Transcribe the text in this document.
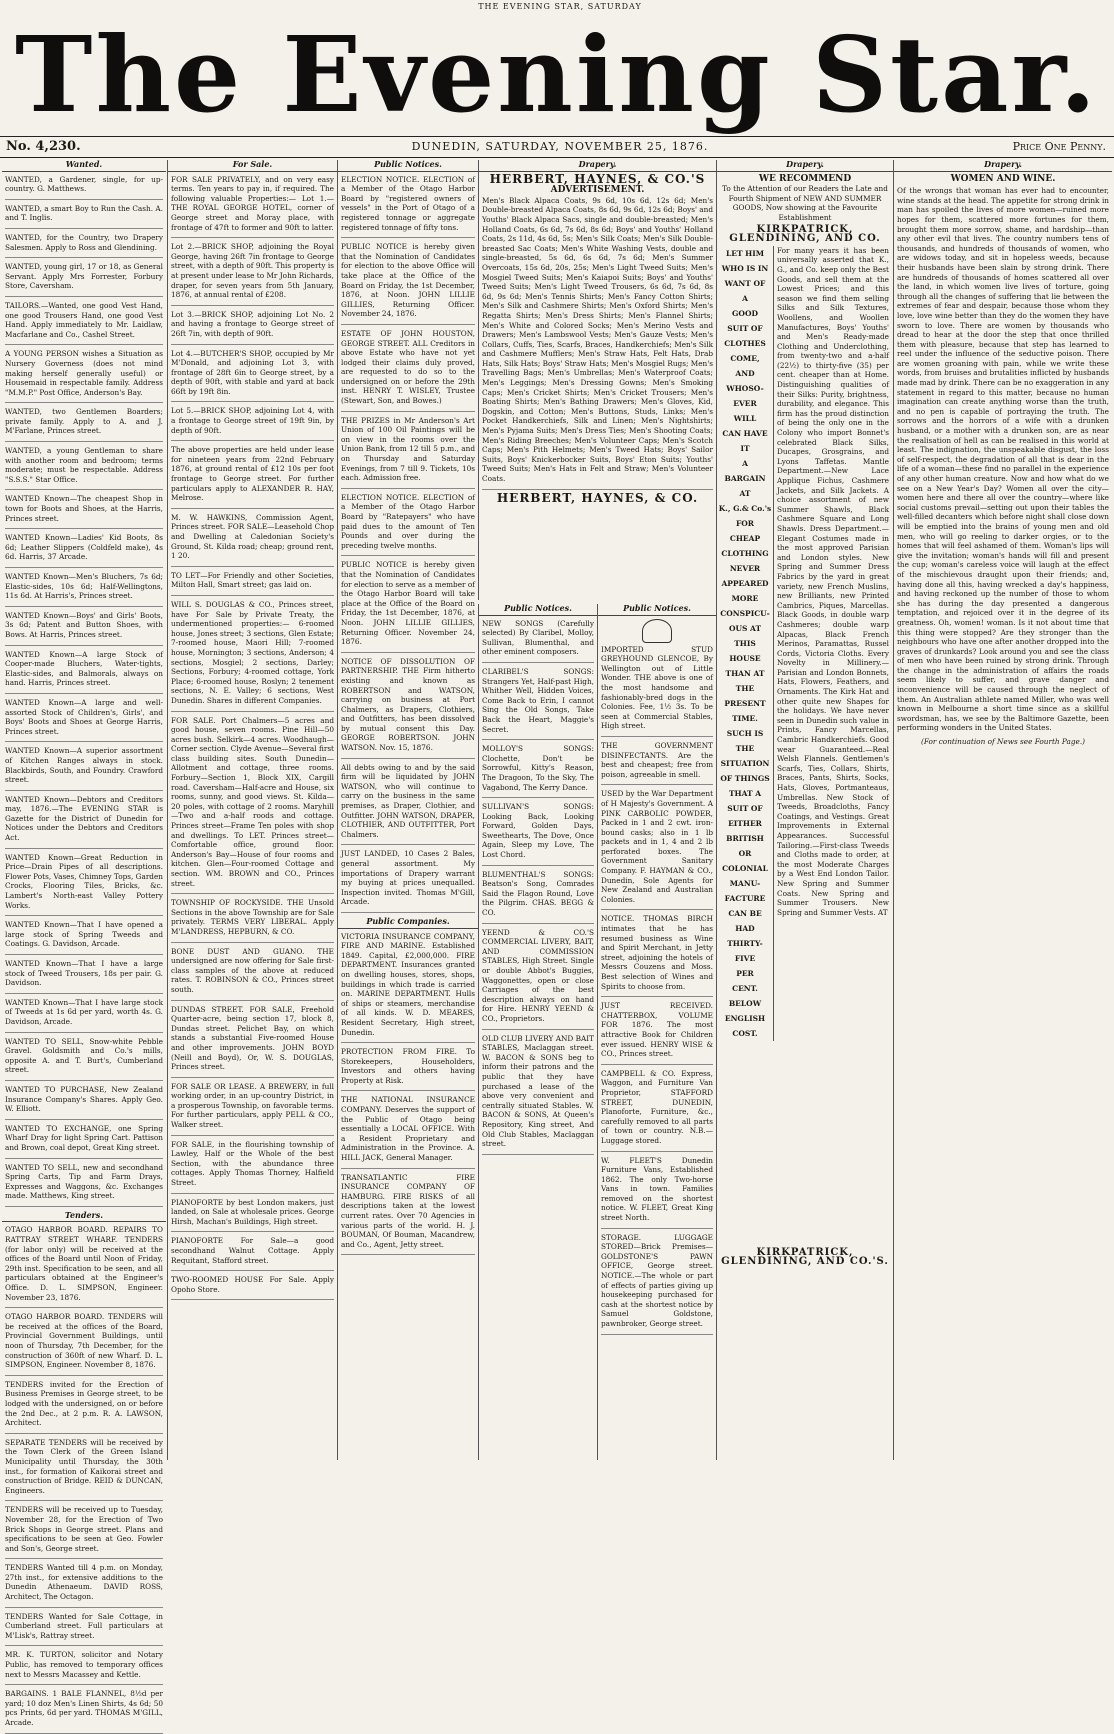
THE EVENING STAR, SATURDAY
The Evening Star.
No. 4,230.	DUNEDIN, SATURDAY, NOVEMBER 25, 1876.	Price One Penny.
Wanted.

WANTED, a Gardener, single, for up-country. G. Matthews.

WANTED, a smart Boy to Run the Cash. A. and T. Inglis.

WANTED, for the Country, two Drapery Salesmen. Apply to Ross and Glendining.

WANTED, young girl, 17 or 18, as General Servant. Apply Mrs Forrester, Forbury Store, Caversham.

TAILORS.—Wanted, one good Vest Hand, one good Trousers Hand, one good Vest Hand. Apply immediately to Mr. Laidlaw, Macfarlane and Co., Cashel Street.

A YOUNG PERSON wishes a Situation as Nursery Governess (does not mind making herself generally useful) or Housemaid in respectable family. Address "M.M.P." Post Office, Anderson's Bay.

WANTED, two Gentlemen Boarders; private family. Apply to A. and J. M'Farlane, Princes street.

WANTED, a young Gentleman to share with another room and bedroom; terms moderate; must be respectable. Address "S.S.S." Star Office.

WANTED Known—The cheapest Shop in town for Boots and Shoes, at the Harris, Princes street.

WANTED Known—Ladies' Kid Boots, 8s 6d; Leather Slippers (Coldfeld make), 4s 6d. Harris, 37 Arcade.

WANTED Known—Men's Bluchers, 7s 6d; Elastic-sides, 10s 6d; Half-Wellingtons, 11s 6d. At Harris's, Princes street.

WANTED Known—Boys' and Girls' Boots, 3s 6d; Patent and Button Shoes, with Bows. At Harris, Princes street.

WANTED Known—A large Stock of Cooper-made Bluchers, Water-tights, Elastic-sides, and Balmorals, always on hand. Harris, Princes street.

WANTED Known—A large and well-assorted Stock of Children's, Girls', and Boys' Boots and Shoes at George Harris, Princes street.

WANTED Known—A superior assortment of Kitchen Ranges always in stock. Blackbirds, South, and Foundry. Crawford street.

WANTED Known—Debtors and Creditors may, 1876.—The EVENING STAR is Gazette for the District of Dunedin for Notices under the Debtors and Creditors Act.

WANTED Known—Great Reduction in Price—Drain Pipes of all descriptions. Flower Pots, Vases, Chimney Tops, Garden Crocks, Flooring Tiles, Bricks, &c. Lambert's North-east Valley Pottery Works.

WANTED Known—That I have opened a large stock of Spring Tweeds and Coatings. G. Davidson, Arcade.

WANTED Known—That I have a large stock of Tweed Trousers, 18s per pair. G. Davidson.

WANTED Known—That I have large stock of Tweeds at 1s 6d per yard, worth 4s. G. Davidson, Arcade.

WANTED TO SELL, Snow-white Pebble Gravel. Goldsmith and Co.'s mills, opposite A. and T. Burt's, Cumberland street.

WANTED TO PURCHASE, New Zealand Insurance Company's Shares. Apply Geo. W. Elliott.

WANTED TO EXCHANGE, one Spring Wharf Dray for light Spring Cart. Pattison and Brown, coal depot, Great King street.

WANTED TO SELL, new and secondhand Spring Carts, Tip and Farm Drays, Expresses and Waggons, &c. Exchanges made. Matthews, King street.

Tenders.

OTAGO HARBOR BOARD. REPAIRS TO RATTRAY STREET WHARF. TENDERS (for labor only) will be received at the offices of the Board until Noon of Friday, 29th inst. Specification to be seen, and all particulars obtained at the Engineer's Office. D. L. SIMPSON, Engineer. November 23, 1876.

OTAGO HARBOR BOARD. TENDERS will be received at the offices of the Board, Provincial Government Buildings, until noon of Thursday, 7th December, for the construction of 360ft of new Wharf. D. L. SIMPSON, Engineer. November 8, 1876.

TENDERS invited for the Erection of Business Premises in George street, to be lodged with the undersigned, on or before the 2nd Dec., at 2 p.m. R. A. LAWSON, Architect.

SEPARATE TENDERS will be received by the Town Clerk of the Green Island Municipality until Thursday, the 30th inst., for formation of Kaikorai street and construction of Bridge. REID & DUNCAN, Engineers.

TENDERS will be received up to Tuesday, November 28, for the Erection of Two Brick Shops in George street. Plans and specifications to be seen at Geo. Fowler and Son's, George street.

TENDERS Wanted till 4 p.m. on Monday, 27th inst., for extensive additions to the Dunedin Athenaeum. DAVID ROSS, Architect, The Octagon.

TENDERS Wanted for Sale Cottage, in Cumberland street. Full particulars at M'Lisk's, Rattray street.

MR. K. TURTON, solicitor and Notary Public, has removed to temporary offices next to Messrs Macassey and Kettle.

BARGAINS. 1 BALE FLANNEL, 8½d per yard; 10 doz Men's Linen Shirts, 4s 6d; 50 pcs Prints, 6d per yard. THOMAS M'GILL, Arcade.

For Sale.

FOR SALE PRIVATELY, and on very easy terms. Ten years to pay in, if required. The following valuable Properties:— Lot 1.—THE ROYAL GEORGE HOTEL, corner of George street and Moray place, with frontage of 47ft to former and 90ft to latter.

Lot 2.—BRICK SHOP, adjoining the Royal George, having 26ft 7in frontage to George street, with a depth of 90ft. This property is at present under lease to Mr John Richards, draper, for seven years from 5th January, 1876, at annual rental of £208.

Lot 3.—BRICK SHOP, adjoining Lot No. 2 and having a frontage to George street of 26ft 7in, with depth of 90ft.

Lot 4.—BUTCHER'S SHOP, occupied by Mr M'Donald, and adjoining Lot 3, with frontage of 28ft 6in to George street, by a depth of 90ft, with stable and yard at back 66ft by 19ft 8in.

Lot 5.—BRICK SHOP, adjoining Lot 4, with a frontage to George street of 19ft 9in, by depth of 90ft.

The above properties are held under lease for nineteen years from 22nd February 1876, at ground rental of £12 10s per foot frontage to George street. For further particulars apply to ALEXANDER R. HAY, Melrose.

M. W. HAWKINS, Commission Agent, Princes street. FOR SALE—Leasehold Chop and Dwelling at Caledonian Society's Ground, St. Kilda road; cheap; ground rent, 1 20.

TO LET—For Friendly and other Societies, Milton Hall, Smart street; gas laid on.

WILL S. DOUGLAS & CO., Princes street, have For Sale by Private Treaty, the undermentioned properties:— 6-roomed house, Jones street; 3 sections, Glen Estate; 7-roomed house, Maori Hill; 7-roomed house, Mornington; 3 sections, Anderson; 4 sections, Mosgiel; 2 sections, Darley; Sections, Forbury; 4-roomed cottage, York Place; 6-roomed house, Roslyn; 2 tenement sections, N. E. Valley; 6 sections, West Dunedin. Shares in different Companies.

FOR SALE. Port Chalmers—5 acres and good house, seven rooms. Pine Hill—50 acres bush. Selkirk—4 acres. Woodhaugh—Corner section. Clyde Avenue—Several first class building sites. South Dunedin—Allotment and cottage, three rooms. Forbury—Section 1, Block XIX, Cargill road. Caversham—Half-acre and House, six rooms, sunny, and good views. St. Kilda—20 poles, with cottage of 2 rooms. Maryhill—Two and a-half roods and cottage. Princes street—Frame Ten poles with shop and dwellings. To LET. Princes street—Comfortable office, ground floor. Anderson's Bay—House of four rooms and kitchen. Glen—Four-roomed Cottage and section. WM. BROWN and CO., Princes street.

TOWNSHIP OF ROCKYSIDE. THE Unsold Sections in the above Township are for Sale privately. TERMS VERY LIBERAL. Apply M'LANDRESS, HEPBURN, & CO.

BONE DUST AND GUANO. THE undersigned are now offering for Sale first-class samples of the above at reduced rates. T. ROBINSON & CO., Princes street south.

DUNDAS STREET. FOR SALE, Freehold Quarter-acre, being section 17, block 8, Dundas street. Pelichet Bay, on which stands a substantial Five-roomed House and other improvements. JOHN BOYD (Neill and Boyd), Or, W. S. DOUGLAS, Princes street.

FOR SALE OR LEASE. A BREWERY, in full working order, in an up-country District, in a prosperous Township, on favorable terms. For further particulars, apply PELL & CO., Walker street.

FOR SALE, in the flourishing township of Lawley, Half or the Whole of the best Section, with the abundance three cottages. Apply Thomas Thorney, Halfield Street.

PIANOFORTE by best London makers, just landed, on Sale at wholesale prices. George Hirsh, Machan's Buildings, High street.

PIANOFORTE For Sale—a good secondhand Walnut Cottage. Apply Requitant, Stafford street.

TWO-ROOMED HOUSE For Sale. Apply Opoho Store.

Public Notices.

ELECTION NOTICE. ELECTION of a Member of the Otago Harbor Board by "registered owners of vessels" in the Port of Otago of a registered tonnage or aggregate registered tonnage of fifty tons.

PUBLIC NOTICE is hereby given that the Nomination of Candidates for election to the above Office will take place at the Office of the Board on Friday, the 1st December, 1876, at Noon. JOHN LILLIE GILLIES, Returning Officer. November 24, 1876.

ESTATE OF JOHN HOUSTON, GEORGE STREET. ALL Creditors in above Estate who have not yet lodged their claims duly proved, are requested to do so to the undersigned on or before the 29th inst. HENRY T. WISLEY, Trustee (Stewart, Son, and Bowes.)

THE PRIZES in Mr Anderson's Art Union of 100 Oil Paintings will be on view in the rooms over the Union Bank, from 12 till 5 p.m., and on Thursday and Saturday Evenings, from 7 till 9. Tickets, 10s each. Admission free.

ELECTION NOTICE. ELECTION of a Member of the Otago Harbor Board by "Ratepayers" who have paid dues to the amount of Ten Pounds and over during the preceding twelve months.

PUBLIC NOTICE is hereby given that the Nomination of Candidates for election to serve as a member of the Otago Harbor Board will take place at the Office of the Board on Friday, the 1st December, 1876, at Noon. JOHN LILLIE GILLIES, Returning Officer. November 24, 1876.

NOTICE OF DISSOLUTION OF PARTNERSHIP. THE Firm hitherto existing and known as ROBERTSON and WATSON, carrying on business at Port Chalmers, as Drapers, Clothiers, and Outfitters, has been dissolved by mutual consent this Day. GEORGE ROBERTSON. JOHN WATSON. Nov. 15, 1876.

All debts owing to and by the said firm will be liquidated by JOHN WATSON, who will continue to carry on the business in the same premises, as Draper, Clothier, and Outfitter. JOHN WATSON, DRAPER, CLOTHIER, AND OUTFITTER, Port Chalmers.

JUST LANDED, 10 Cases 2 Bales, general assortment. My importations of Drapery warrant my buying at prices unequalled. Inspection invited. Thomas M'Gill, Arcade.

Public Companies.

VICTORIA INSURANCE COMPANY, FIRE AND MARINE. Established 1849. Capital, £2,000,000. FIRE DEPARTMENT. Insurances granted on dwelling houses, stores, shops, buildings in which trade is carried on. MARINE DEPARTMENT. Hulls of ships or steamers, merchandise of all kinds. W. D. MEARES, Resident Secretary, High street, Dunedin.

PROTECTION FROM FIRE. To Storekeepers, Householders, Investors and others having Property at Risk.

THE NATIONAL INSURANCE COMPANY. Deserves the support of the Public of Otago being essentially a LOCAL OFFICE. With a Resident Proprietary and Administration in the Province. A. HILL JACK, General Manager.

TRANSATLANTIC FIRE INSURANCE COMPANY OF HAMBURG. FIRE RISKS of all descriptions taken at the lowest current rates. Over 70 Agencies in various parts of the world. H. J. BOUMAN, Of Bouman, Macandrew, and Co., Agent, Jetty street.

Drapery.
HERBERT, HAYNES, & CO.'S
ADVERTISEMENT.

Men's Black Alpaca Coats, 9s 6d, 10s 6d, 12s 6d; Men's Double-breasted Alpaca Coats, 8s 6d, 9s 6d, 12s 6d; Boys' and Youths' Black Alpaca Sacs, single and double-breasted; Men's Holland Coats, 6s 6d, 7s 6d, 8s 6d; Boys' and Youths' Holland Coats, 2s 11d, 4s 6d, 5s; Men's Silk Coats; Men's Silk Double-breasted Sac Coats; Men's White Washing Vests, double and single-breasted, 5s 6d, 6s 6d, 7s 6d; Men's Summer Overcoats, 15s 6d, 20s, 25s; Men's Light Tweed Suits; Men's Mosgiel Tweed Suits; Men's Kaiapoi Suits; Boys' and Youths' Tweed Suits; Men's Light Tweed Trousers, 6s 6d, 7s 6d, 8s 6d, 9s 6d; Men's Tennis Shirts; Men's Fancy Cotton Shirts; Men's Silk and Cashmere Shirts; Men's Oxford Shirts; Men's Regatta Shirts; Men's Dress Shirts; Men's Flannel Shirts; Men's White and Colored Socks; Men's Merino Vests and Drawers; Men's Lambswool Vests; Men's Gauze Vests; Men's Collars, Cuffs, Ties, Scarfs, Braces, Handkerchiefs; Men's Silk and Cashmere Mufflers; Men's Straw Hats, Felt Hats, Drab Hats, Silk Hats; Boys' Straw Hats; Men's Mosgiel Rugs; Men's Travelling Bags; Men's Umbrellas; Men's Waterproof Coats; Men's Leggings; Men's Dressing Gowns; Men's Smoking Caps; Men's Cricket Shirts; Men's Cricket Trousers; Men's Boating Shirts; Men's Bathing Drawers; Men's Gloves, Kid, Dogskin, and Cotton; Men's Buttons, Studs, Links; Men's Pocket Handkerchiefs, Silk and Linen; Men's Nightshirts; Men's Pyjama Suits; Men's Dress Ties; Men's Shooting Coats; Men's Riding Breeches; Men's Volunteer Caps; Men's Scotch Caps; Men's Pith Helmets; Men's Tweed Hats; Boys' Sailor Suits, Boys' Knickerbocker Suits, Boys' Eton Suits; Youths' Tweed Suits; Men's Hats in Felt and Straw; Men's Volunteer Coats.

HERBERT, HAYNES, & CO.
Public Notices.

NEW SONGS (Carefully selected) By Claribel, Molloy, Sullivan, Blumenthal, and other eminent composers.

CLARIBEL'S SONGS: Strangers Yet, Half-past High, Whither Well, Hidden Voices, Come Back to Erin, I cannot Sing the Old Songs, Take Back the Heart, Maggie's Secret.

MOLLOY'S SONGS: Clochette, Don't be Sorrowful, Kitty's Reason, The Dragoon, To the Sky, The Vagabond, The Kerry Dance.

SULLIVAN'S SONGS: Looking Back, Looking Forward, Golden Days, Sweethearts, The Dove, Once Again, Sleep my Love, The Lost Chord.

BLUMENTHAL'S SONGS: Beatson's Song, Comrades Said the Flagon Round, Love the Pilgrim. CHAS. BEGG & CO.

YEEND & CO.'S COMMERCIAL LIVERY, BAIT, AND COMMISSION STABLES, High Street. Single or double Abbot's Buggies, Waggonettes, open or close Carriages of the best description always on hand for Hire. HENRY YEEND & CO., Proprietors.

OLD CLUB LIVERY AND BAIT STABLES, Maclaggan street. W. BACON & SONS beg to inform their patrons and the public that they have purchased a lease of the above very convenient and centrally situated Stables. W. BACON & SONS, At Queen's Repository, King street, And Old Club Stables, Maclaggan street.

Public Notices.

IMPORTED STUD GREYHOUND GLENCOE, By Wellington out of Little Wonder. THE above is one of the most handsome and fashionably-bred dogs in the Colonies. Fee, 1½ 3s. To be seen at Commercial Stables, High street.

THE GOVERNMENT DISINFECTANTS. Are the best and cheapest; free from poison, agreeable in smell.

USED by the War Department of H Majesty's Government. A PINK CARBOLIC POWDER, Packed in 1 and 2 cwt. iron-bound casks; also in 1 lb packets and in 1, 4 and 2 lb perforated boxes. The Government Sanitary Company. F. HAYMAN & CO., Dunedin, Sole Agents for New Zealand and Australian Colonies.

NOTICE. THOMAS BIRCH intimates that he has resumed business as Wine and Spirit Merchant, in Jetty street, adjoining the hotels of Messrs Couzens and Moss. Best selection of Wines and Spirits to choose from.

JUST RECEIVED. CHATTERBOX, VOLUME FOR 1876. The most attractive Book for Children ever issued. HENRY WISE & CO., Princes street.

CAMPBELL & CO. Express, Waggon, and Furniture Van Proprietor, STAFFORD STREET, DUNEDIN, Planoforte, Furniture, &c., carefully removed to all parts of town or country. N.B.—Luggage stored.

W. FLEET'S Dunedin Furniture Vans, Established 1862. The only Two-horse Vans in town. Families removed on the shortest notice. W. FLEET, Great King street North.

STORAGE. LUGGAGE STORED—Brick Premises—GOLDSTONE'S PAWN OFFICE, George street. NOTICE.—The whole or part of effects of parties giving up housekeeping purchased for cash at the shortest notice by Samuel Goldstone, pawnbroker, George street.

Drapery.
WE RECOMMEND
To the Attention of our Readers the Late and Fourth Shipment of NEW AND SUMMER GOODS, Now showing at the Favourite Establishment
KIRKPATRICK, GLENDINING, AND CO.
LET HIM
WHO IS IN
WANT OF
A
GOOD
SUIT OF
CLOTHES
COME,
AND
WHOSO-
EVER
WILL
CAN HAVE
IT
A
BARGAIN
AT
K., G.& Co.'s
FOR
CHEAP
CLOTHING
NEVER
APPEARED
MORE
CONSPICU-
OUS AT
THIS
HOUSE
THAN AT
THE
PRESENT
TIME.
SUCH IS
THE
SITUATION
OF THINGS
THAT A
SUIT OF
EITHER
BRITISH
OR
COLONIAL
MANU-
FACTURE
CAN BE
HAD
THIRTY-
FIVE
PER
CENT.
BELOW
ENGLISH
COST.

For many years it has been universally asserted that K., G., and Co. keep only the Best Goods, and sell them at the Lowest Prices; and this season we find them selling Silks and Silk Textures, Woollens, and Woollen Manufactures, Boys' Youths' and Men's Ready-made Clothing and Underclothing, from twenty-two and a-half (22½) to thirty-five (35) per cent. cheaper than at Home. Distinguishing qualities of their Silks: Purity, brightness, durability, and elegance. This firm has the proud distinction of being the only one in the Colony who import Bonnet's celebrated Black Silks, Ducapes, Grosgrains, and Lyons Taffetas. Mantle Department.—New Lace Applique Fichus, Cashmere Jackets, and Silk Jackets. A choice assortment of new Summer Shawls, Black Cashmere Square and Long Shawls. Dress Department.—Elegant Costumes made in the most approved Parisian and London styles. New Spring and Summer Dress Fabrics by the yard in great variety, new French Muslins, new Brilliants, new Printed Cambrics, Piques, Marcellas. Black Goods, in double warp Cashmeres; double warp Alpacas, Black French Merinos, Paramattas, Russel Cords, Victoria Cloths. Every Novelty in Millinery.—Parisian and London Bonnets, Hats, Flowers, Feathers, and Ornaments. The Kirk Hat and other quite new Shapes for the holidays. We have never seen in Dunedin such value in Prints, Fancy Marcellas, Cambric Handkerchiefs. Good wear Guaranteed.—Real Welsh Flannels. Gentlemen's Scarfs, Ties, Collars, Shirts, Braces, Pants, Shirts, Socks, Hats, Gloves, Portmanteaus, Umbrellas. New Stock of Tweeds, Broadcloths, Fancy Coatings, and Vestings. Great Improvements in External Appearances. Successful Tailoring.—First-class Tweeds and Cloths made to order, at the most Moderate Charges by a West End London Tailor. New Spring and Summer Coats. New Spring and Summer Trousers. New Spring and Summer Vests. AT

KIRKPATRICK, GLENDINING, AND CO.'S.
Drapery.
WOMEN AND WINE.

Of the wrongs that woman has ever had to encounter, wine stands at the head. The appetite for strong drink in man has spoiled the lives of more women—ruined more hopes for them, scattered more fortunes for them, brought them more sorrow, shame, and hardship—than any other evil that lives. The country numbers tens of thousands, and hundreds of thousands of women, who are widows today, and sit in hopeless weeds, because their husbands have been slain by strong drink. There are hundreds of thousands of homes scattered all over the land, in which women live lives of torture, going through all the changes of suffering that lie between the extremes of fear and despair, because those whom they love, love wine better than they do the women they have sworn to love. There are women by thousands who dread to hear at the door the step that once thrilled them with pleasure, because that step has learned to reel under the influence of the seductive poison. There are women groaning with pain, while we write these words, from bruises and brutalities inflicted by husbands made mad by drink. There can be no exaggeration in any statement in regard to this matter, because no human imagination can create anything worse than the truth, and no pen is capable of portraying the truth. The sorrows and the horrors of a wife with a drunken husband, or a mother with a drunken son, are as near the realisation of hell as can be realised in this world at least. The indignation, the unspeakable disgust, the loss of self-respect, the degradation of all that is dear in the life of a woman—these find no parallel in the experience of any other human creature. Now and how what do we see on a New Year's Day? Women all over the city—women here and there all over the country—where like social customs prevail—setting out upon their tables the well-filled decanters which before night shall close down will be emptied into the brains of young men and old men, who will go reeling to darker orgies, or to the homes that will feel ashamed of them. Woman's lips will give the invitation; woman's hands will fill and present the cup; woman's careless voice will laugh at the effect of the mischievous draught upon their friends; and, having done all this, having wrecked a day's happiness, and having reckoned up the number of those to whom she has during the day presented a dangerous temptation, and rejoiced over it in the degree of its greatness. Oh, women! woman. Is it not about time that this thing were stopped? Are they stronger than the neighbours who have one after another dropped into the graves of drunkards? Look around you and see the class of men who have been ruined by strong drink. Through the change in the administration of affairs the roads seem likely to suffer, and grave danger and inconvenience will be caused through the neglect of them. An Australian athlete named Miller, who was well known in Melbourne a short time since as a skillful swordsman, has, we see by the Baltimore Gazette, been performing wonders in the United States.

(For continuation of News see Fourth Page.)
